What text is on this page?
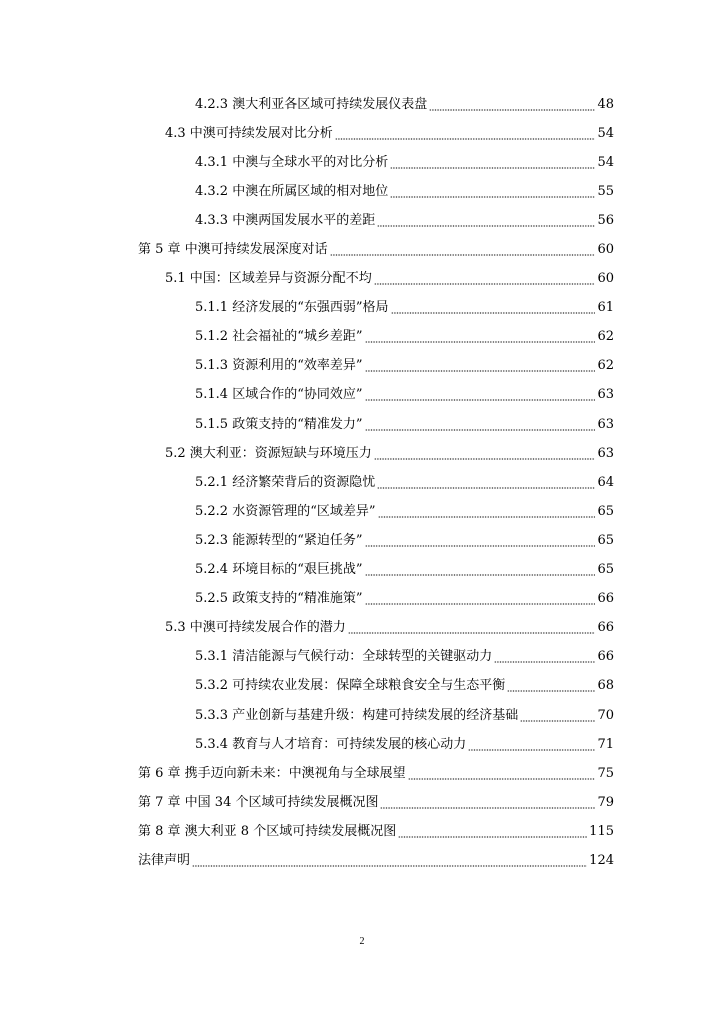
4.2.3 澳大利亚各区域可持续发展仪表盘	48
4.3 中澳可持续发展对比分析	54
4.3.1 中澳与全球水平的对比分析	54
4.3.2 中澳在所属区域的相对地位	55
4.3.3 中澳两国发展水平的差距	56
第 5 章 中澳可持续发展深度对话	60
5.1 中国：区域差异与资源分配不均	60
5.1.1 经济发展的“东强西弱”格局	61
5.1.2 社会福祉的“城乡差距”	62
5.1.3 资源利用的“效率差异”	62
5.1.4 区域合作的“协同效应”	63
5.1.5 政策支持的“精准发力”	63
5.2 澳大利亚：资源短缺与环境压力	63
5.2.1 经济繁荣背后的资源隐忧	64
5.2.2 水资源管理的“区域差异”	65
5.2.3 能源转型的“紧迫任务”	65
5.2.4 环境目标的“艰巨挑战”	65
5.2.5 政策支持的“精准施策”	66
5.3 中澳可持续发展合作的潜力	66
5.3.1 清洁能源与气候行动：全球转型的关键驱动力	66
5.3.2 可持续农业发展：保障全球粮食安全与生态平衡	68
5.3.3 产业创新与基建升级：构建可持续发展的经济基础	70
5.3.4 教育与人才培育：可持续发展的核心动力	71
第 6 章 携手迈向新未来：中澳视角与全球展望	75
第 7 章 中国 34 个区域可持续发展概况图	79
第 8 章 澳大利亚 8 个区域可持续发展概况图	115
法律声明	124
2
